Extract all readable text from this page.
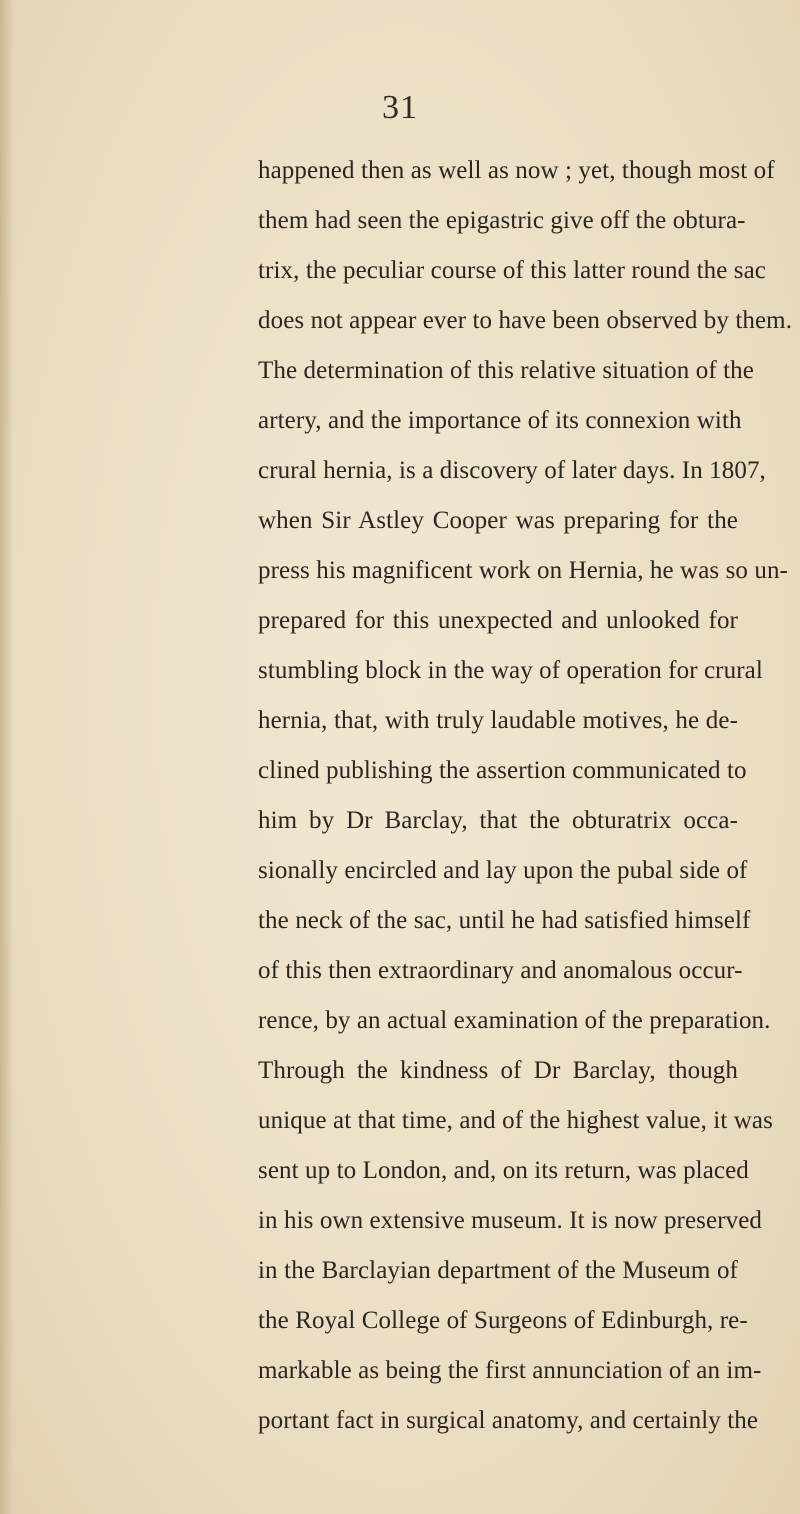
31
happened then as well as now ; yet, though most of
them had seen the epigastric give off the obtura-
trix, the peculiar course of this latter round the sac
does not appear ever to have been observed by them.
The determination of this relative situation of the
artery, and the importance of its connexion with
crural hernia, is a discovery of later days. In 1807,
when Sir Astley Cooper was preparing for the
press his magnificent work on Hernia, he was so un-
prepared for this unexpected and unlooked for
stumbling block in the way of operation for crural
hernia, that, with truly laudable motives, he de-
clined publishing the assertion communicated to
him by Dr Barclay, that the obturatrix occa-
sionally encircled and lay upon the pubal side of
the neck of the sac, until he had satisfied himself
of this then extraordinary and anomalous occur-
rence, by an actual examination of the preparation.
Through the kindness of Dr Barclay, though
unique at that time, and of the highest value, it was
sent up to London, and, on its return, was placed
in his own extensive museum. It is now preserved
in the Barclayian department of the Museum of
the Royal College of Surgeons of Edinburgh, re-
markable as being the first annunciation of an im-
portant fact in surgical anatomy, and certainly the
